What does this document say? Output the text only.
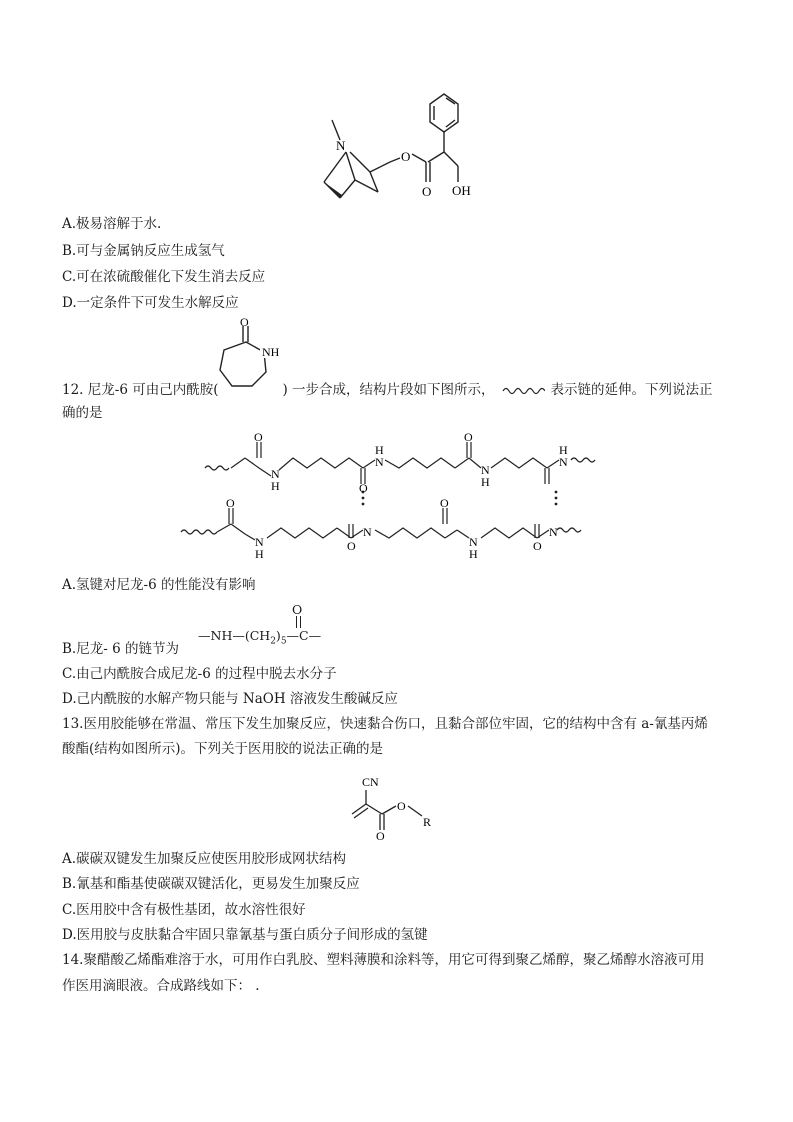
N
O
O OH
A.极易溶解于水.
B.可与金属钠反应生成氢气
C.可在浓硫酸催化下发生消去反应
D.一定条件下可发生水解反应
O
NH
12. 尼龙-6 可由己内酰胺(	) 一步合成，结构片段如下图所示，	表示链的延伸。下列说法正
确的是
O
N
H	O
N
H
O
N
H
N
H
O
N
H
O
N
O
N
H
O
N
A.氢键对尼龙-6 的性能没有影响
B.尼龙- 6 的链节为
O
$—NH—(CH_2)_5—C—$
C.由己内酰胺合成尼龙-6 的过程中脱去水分子
D.己内酰胺的水解产物只能与 NaOH 溶液发生酸碱反应
13.医用胶能够在常温、常压下发生加聚反应，快速黏合伤口，且黏合部位牢固，它的结构中含有 a-氰基丙烯
酸酯(结构如图所示)。下列关于医用胶的说法正确的是
CN
O
O
R
A.碳碳双键发生加聚反应使医用胶形成网状结构
B.氰基和酯基使碳碳双键活化，更易发生加聚反应
C.医用胶中含有极性基团，故水溶性很好
D.医用胶与皮肤黏合牢固只靠氰基与蛋白质分子间形成的氢键
14.聚醋酸乙烯酯难溶于水，可用作白乳胶、塑料薄膜和涂料等，用它可得到聚乙烯醇，聚乙烯醇水溶液可用
作医用滴眼液。合成路线如下： .
